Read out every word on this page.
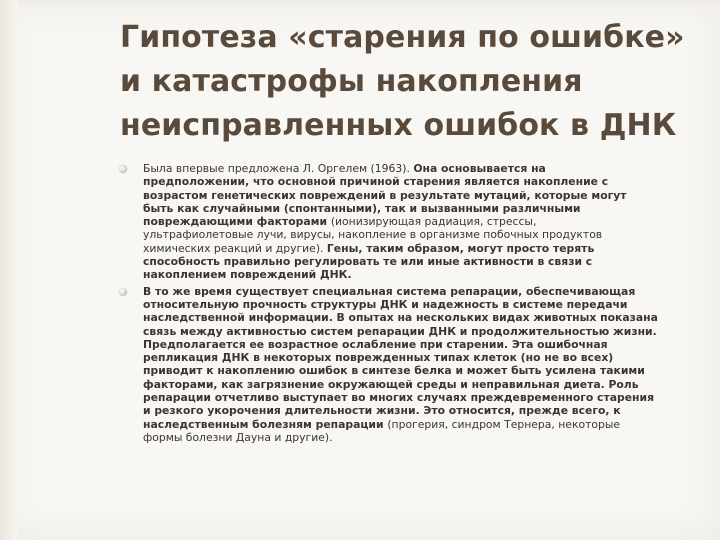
Гипотеза «старения по ошибке»
и катастрофы накопления
неисправленных ошибок в ДНК
Была впервые предложена Л. Оргелем (1963). Она основывается на
предположении, что основной причиной старения является накопление с
возрастом генетических повреждений в результате мутаций, которые могут
быть как случайными (спонтанными), так и вызванными различными
повреждающими факторами (ионизирующая радиация, стрессы,
ультрафиолетовые лучи, вирусы, накопление в организме побочных продуктов
химических реакций и другие). Гены, таким образом, могут просто терять
способность правильно регулировать те или иные активности в связи с
накоплением повреждений ДНК.
В то же время существует специальная система репарации, обеспечивающая
относительную прочность структуры ДНК и надежность в системе передачи
наследственной информации. В опытах на нескольких видах животных показана
связь между активностью систем репарации ДНК и продолжительностью жизни.
Предполагается ее возрастное ослабление при старении. Эта ошибочная
репликация ДНК в некоторых поврежденных типах клеток (но не во всех)
приводит к накоплению ошибок в синтезе белка и может быть усилена такими
факторами, как загрязнение окружающей среды и неправильная диета. Роль
репарации отчетливо выступает во многих случаях преждевременного старения
и резкого укорочения длительности жизни. Это относится, прежде всего, к
наследственным болезням репарации (прогерия, синдром Тернера, некоторые
формы болезни Дауна и другие).
